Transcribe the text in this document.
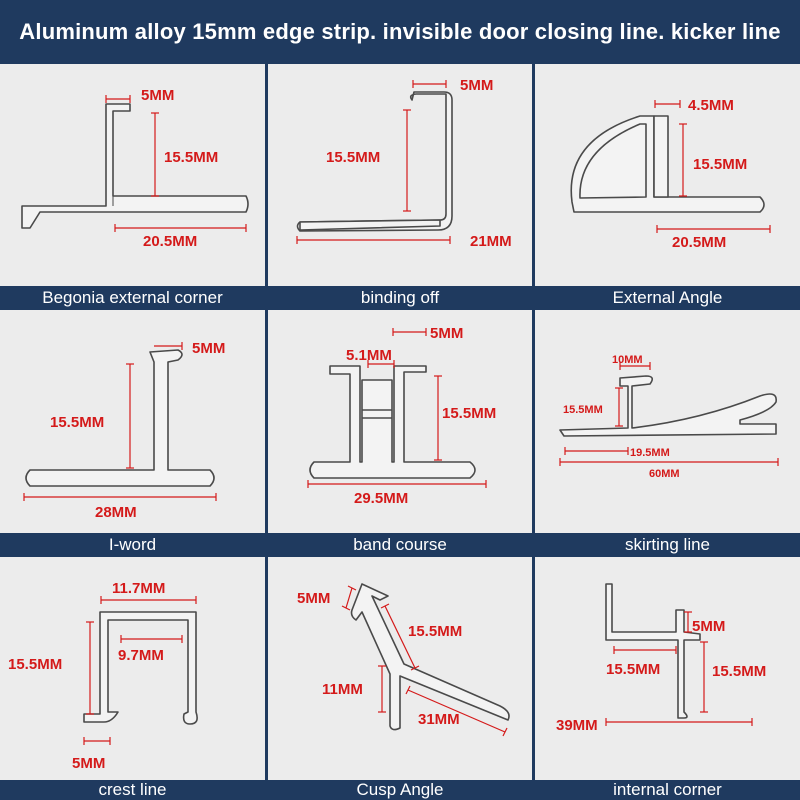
Aluminum alloy 15mm edge strip. invisible door closing line. kicker line
Begonia external corner	binding off	External Angle
I-word	band course	skirting line
crest line	Cusp Angle	internal corner
5MM
15.5MM
20.5MM
5MM
15.5MM
21MM
4.5MM
15.5MM
20.5MM
5MM
15.5MM
28MM
5MM
5.1MM
15.5MM
29.5MM
10MM
15.5MM
19.5MM
60MM
11.7MM
9.7MM
15.5MM
5MM
5MM
15.5MM
11MM
31MM
5MM
15.5MM	15.5MM
39MM
